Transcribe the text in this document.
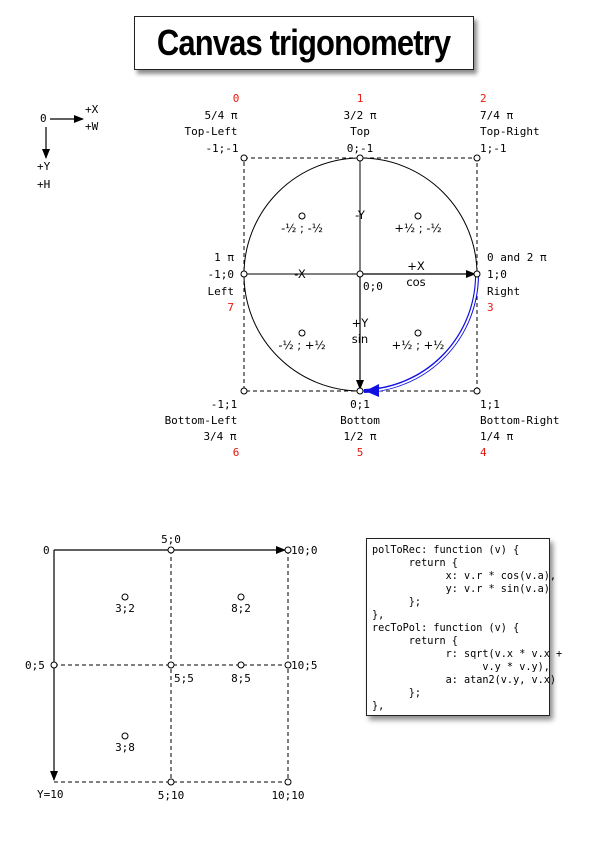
Canvas trigonometry
0
+X
+W
+Y
+H
0
5/4 π
Top-Left
-1;-1
1
3/2 π
Top
0;-1
2
7/4 π
Top-Right
1;-1
0 and 2 π
1;0
Right
3
1;1
Bottom-Right
1/4 π
4
0;1
Bottom
1/2 π
5
-1;1
Bottom-Left
3/4 π
6
1 π
-1;0
Left
7
0;0
-Y
-X
+X
cos
+Y
sin
-½ ; -½	+½ ; -½
-½ ; +½	+½ ; +½
0
5;0
10;0
0;5
5;5
10;5
8;5
3;2	8;2
3;8
Y=10	5;10	10;10
polToRec: function (v) {
return {
x: v.r * cos(v.a),
y: v.r * sin(v.a)
};
},
recToPol: function (v) {
return {
r: sqrt(v.x * v.x +
v.y * v.y),
a: atan2(v.y, v.x)
};
},
